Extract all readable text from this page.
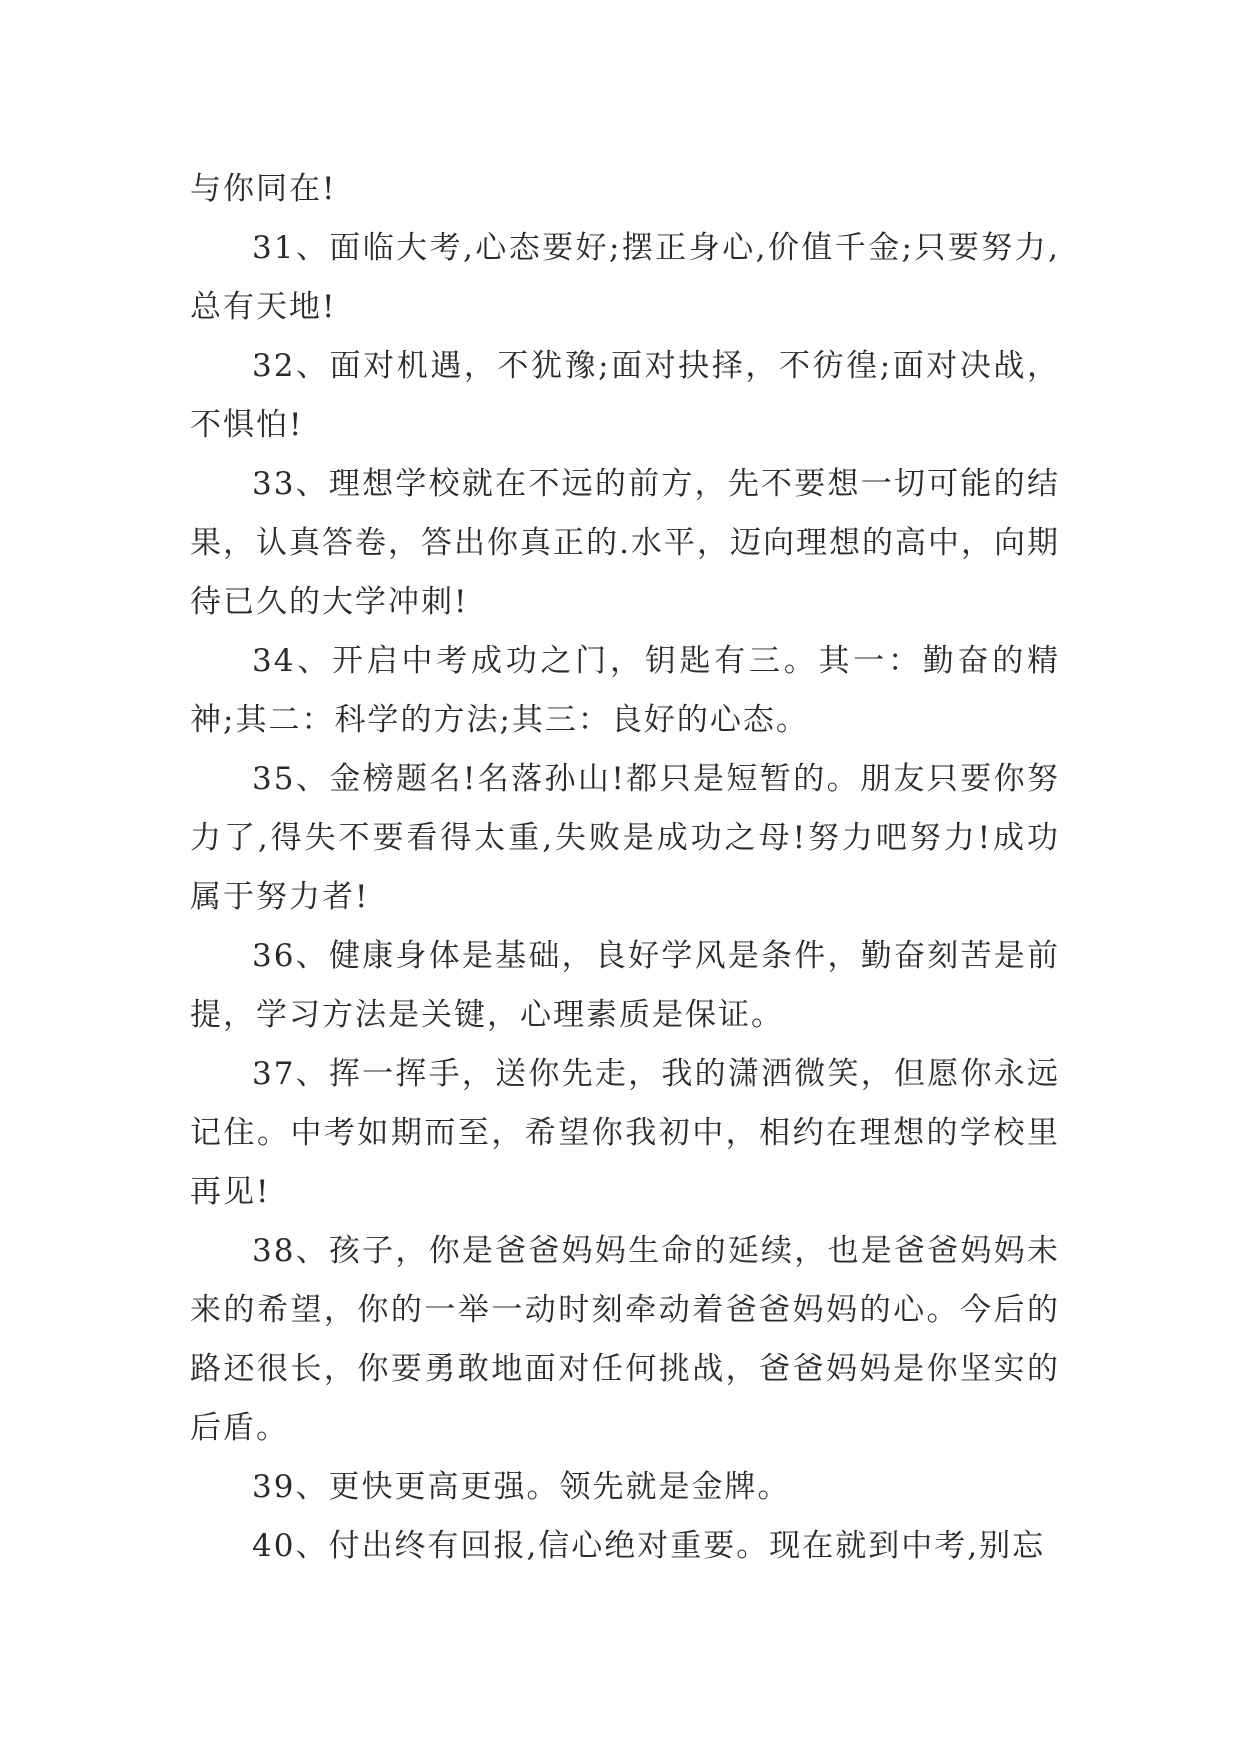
与你同在!

31、面临大考,心态要好;摆正身心,价值千金;只要努力,总有天地!

32、面对机遇，不犹豫;面对抉择，不彷徨;面对决战，不惧怕!

33、理想学校就在不远的前方，先不要想一切可能的结果，认真答卷，答出你真正的.水平，迈向理想的高中，向期待已久的大学冲刺!

34、开启中考成功之门，钥匙有三。其一：勤奋的精神;其二：科学的方法;其三：良好的心态。

35、金榜题名!名落孙山!都只是短暂的。朋友只要你努力了,得失不要看得太重,失败是成功之母!努力吧努力!成功属于努力者!

36、健康身体是基础，良好学风是条件，勤奋刻苦是前提，学习方法是关键，心理素质是保证。

37、挥一挥手，送你先走，我的潇洒微笑，但愿你永远记住。中考如期而至，希望你我初中，相约在理想的学校里再见!

38、孩子，你是爸爸妈妈生命的延续，也是爸爸妈妈未来的希望，你的一举一动时刻牵动着爸爸妈妈的心。今后的路还很长，你要勇敢地面对任何挑战，爸爸妈妈是你坚实的后盾。

39、更快更高更强。领先就是金牌。

40、付出终有回报,信心绝对重要。现在就到中考,别忘
